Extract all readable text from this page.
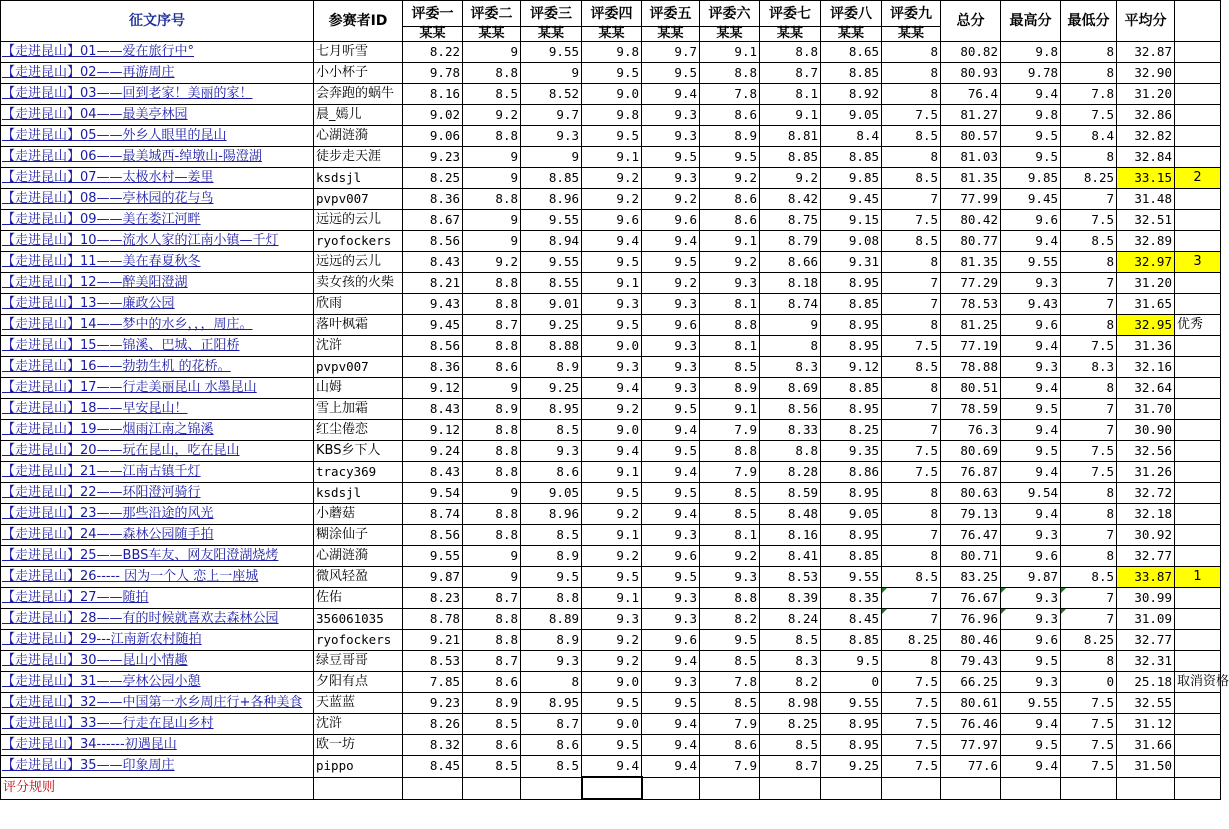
征文序号	参赛者ID	评委一	评委二	评委三	评委四	评委五	评委六	评委七	评委八	评委九	总分	最高分	最低分	平均分	
		某某	某某	某某	某某	某某	某某	某某	某某	某某					
【走进昆山】01——爱在旅行中°	七月听雪	8.22	9	9.55	9.8	9.7	9.1	8.8	8.65	8	80.82	9.8	8	32.87	
【走进昆山】02——再游周庄	小小杯子	9.78	8.8	9	9.5	9.5	8.8	8.7	8.85	8	80.93	9.78	8	32.90	
【走进昆山】03——回到老家！美丽的家！	会奔跑的蜗牛	8.16	8.5	8.52	9.0	9.4	7.8	8.1	8.92	8	76.4	9.4	7.8	31.20	
【走进昆山】04——最美亭林园	晨_嫣儿	9.02	9.2	9.7	9.8	9.3	8.6	9.1	9.05	7.5	81.27	9.8	7.5	32.86	
【走进昆山】05——外乡人眼里的昆山	心湖涟漪	9.06	8.8	9.3	9.5	9.3	8.9	8.81	8.4	8.5	80.57	9.5	8.4	32.82	
【走进昆山】06——最美城西-绰墩山-陽澄湖	徒步走天涯	9.23	9	9	9.1	9.5	9.5	8.85	8.85	8	81.03	9.5	8	32.84	
【走进昆山】07——太极水村—姜里	ksdsjl	8.25	9	8.85	9.2	9.3	9.2	9.2	9.85	8.5	81.35	9.85	8.25	33.15	2
【走进昆山】08——亭林园的花与鸟	pvpv007	8.36	8.8	8.96	9.2	9.2	8.6	8.42	9.45	7	77.99	9.45	7	31.48	
【走进昆山】09——美在娄江河畔	远远的云儿	8.67	9	9.55	9.6	9.6	8.6	8.75	9.15	7.5	80.42	9.6	7.5	32.51	
【走进昆山】10——流水人家的江南小镇—千灯	ryofockers	8.56	9	8.94	9.4	9.4	9.1	8.79	9.08	8.5	80.77	9.4	8.5	32.89	
【走进昆山】11——美在春夏秋冬	远远的云儿	8.43	9.2	9.55	9.5	9.5	9.2	8.66	9.31	8	81.35	9.55	8	32.97	3
【走进昆山】12——醉美阳澄湖	卖女孩的火柴	8.21	8.8	8.55	9.1	9.2	9.3	8.18	8.95	7	77.29	9.3	7	31.20	
【走进昆山】13——廉政公园	欣雨	9.43	8.8	9.01	9.3	9.3	8.1	8.74	8.85	7	78.53	9.43	7	31.65	
【走进昆山】14——梦中的水乡，，，周庄。	落叶枫霜	9.45	8.7	9.25	9.5	9.6	8.8	9	8.95	8	81.25	9.6	8	32.95	优秀
【走进昆山】15——锦溪、巴城、正阳桥	沈浒	8.56	8.8	8.88	9.0	9.3	8.1	8	8.95	7.5	77.19	9.4	7.5	31.36	
【走进昆山】16——勃勃生机 的花桥。	pvpv007	8.36	8.6	8.9	9.3	9.3	8.5	8.3	9.12	8.5	78.88	9.3	8.3	32.16	
【走进昆山】17——行走美丽昆山 水墨昆山	山姆	9.12	9	9.25	9.4	9.3	8.9	8.69	8.85	8	80.51	9.4	8	32.64	
【走进昆山】18——早安昆山！	雪上加霜	8.43	8.9	8.95	9.2	9.5	9.1	8.56	8.95	7	78.59	9.5	7	31.70	
【走进昆山】19——烟雨江南之锦溪	红尘倦恋	9.12	8.8	8.5	9.0	9.4	7.9	8.33	8.25	7	76.3	9.4	7	30.90	
【走进昆山】20——玩在昆山，吃在昆山	KBS乡下人	9.24	8.8	9.3	9.4	9.5	8.8	8.8	9.35	7.5	80.69	9.5	7.5	32.56	
【走进昆山】21——江南古镇千灯	tracy369	8.43	8.8	8.6	9.1	9.4	7.9	8.28	8.86	7.5	76.87	9.4	7.5	31.26	
【走进昆山】22——环阳澄河骑行	ksdsjl	9.54	9	9.05	9.5	9.5	8.5	8.59	8.95	8	80.63	9.54	8	32.72	
【走进昆山】23——那些沿途的风光	小蘑菇	8.74	8.8	8.96	9.2	9.4	8.5	8.48	9.05	8	79.13	9.4	8	32.18	
【走进昆山】24——森林公园随手拍	糊涂仙子	8.56	8.8	8.5	9.1	9.3	8.1	8.16	8.95	7	76.47	9.3	7	30.92	
【走进昆山】25——BBS车友、网友阳澄湖烧烤	心湖涟漪	9.55	9	8.9	9.2	9.6	9.2	8.41	8.85	8	80.71	9.6	8	32.77	
【走进昆山】26----- 因为一个人 恋上一座城	微风轻盈	9.87	9	9.5	9.5	9.5	9.3	8.53	9.55	8.5	83.25	9.87	8.5	33.87	1
【走进昆山】27——随拍	佐佑	8.23	8.7	8.8	9.1	9.3	8.8	8.39	8.35	7	76.67	9.3	7	30.99	
【走进昆山】28——有的时候就喜欢去森林公园	356061035	8.78	8.8	8.89	9.3	9.3	8.2	8.24	8.45	7	76.96	9.3	7	31.09	
【走进昆山】29---江南新农村随拍	ryofockers	9.21	8.8	8.9	9.2	9.6	9.5	8.5	8.85	8.25	80.46	9.6	8.25	32.77	
【走进昆山】30——昆山小情趣	绿豆哥哥	8.53	8.7	9.3	9.2	9.4	8.5	8.3	9.5	8	79.43	9.5	8	32.31	
【走进昆山】31——亭林公园小憩	夕阳有点	7.85	8.6	8	9.0	9.3	7.8	8.2	0	7.5	66.25	9.3	0	25.18	取消资格
【走进昆山】32——中国第一水乡周庄行+各种美食	天蓝蓝	9.23	8.9	8.95	9.5	9.5	8.5	8.98	9.55	7.5	80.61	9.55	7.5	32.55	
【走进昆山】33——行走在昆山乡村	沈浒	8.26	8.5	8.7	9.0	9.4	7.9	8.25	8.95	7.5	76.46	9.4	7.5	31.12	
【走进昆山】34------初遇昆山	欧一坊	8.32	8.6	8.6	9.5	9.4	8.6	8.5	8.95	7.5	77.97	9.5	7.5	31.66	
【走进昆山】35——印象周庄	pippo	8.45	8.5	8.5	9.4	9.4	7.9	8.7	9.25	7.5	77.6	9.4	7.5	31.50	
评分规则															
